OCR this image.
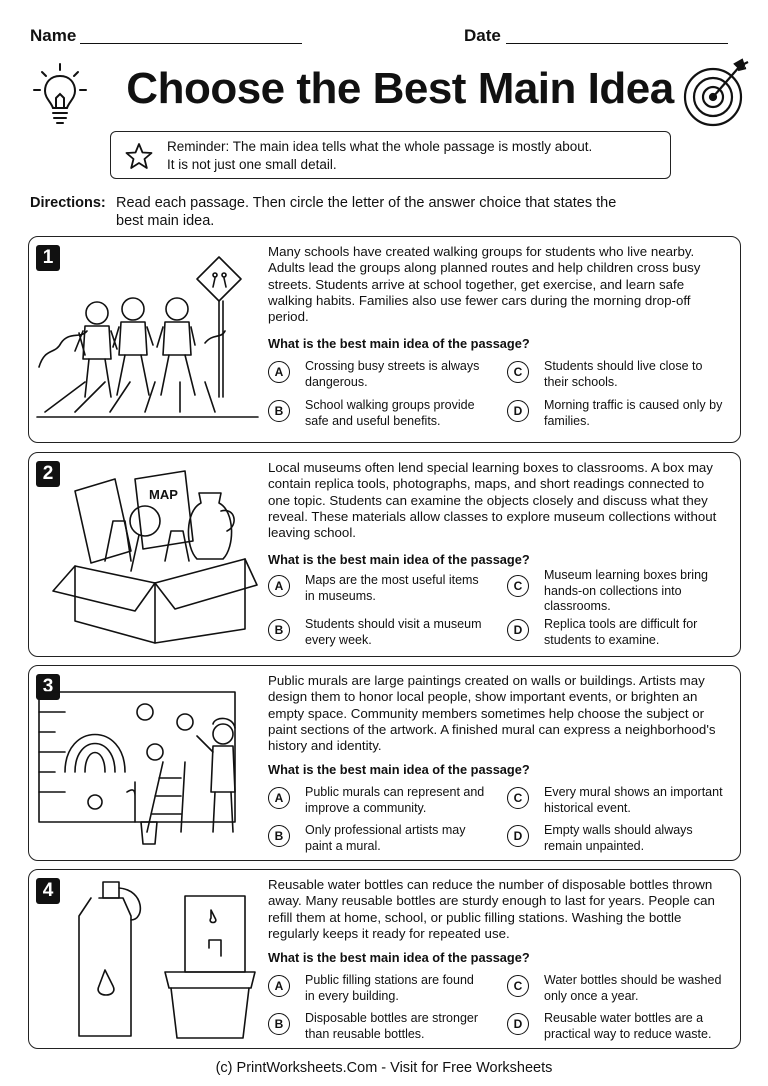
Name	Date
Choose the Best Main Idea
Reminder: The main idea tells what the whole passage is mostly about.
It is not just one small detail.
Directions: Read each passage. Then circle the letter of the answer choice that states the best main idea.
1	Many schools have created walking groups for students who live nearby. Adults lead the groups along planned routes and help children cross busy streets. Students arrive at school together, get exercise, and learn safe walking habits. Families also use fewer cars during the morning drop-off period.
What is the best main idea of the passage?
A	Crossing busy streets is always dangerous.
B	School walking groups provide safe and useful benefits.
C	Students should live close to their schools.
D	Morning traffic is caused only by families.
2
MAP
Local museums often lend special learning boxes to classrooms. A box may contain replica tools, photographs, maps, and short readings connected to one topic. Students can examine the objects closely and discuss what they reveal. These materials allow classes to explore museum collections without leaving school.
What is the best main idea of the passage?
A	Maps are the most useful items in museums.
B	Students should visit a museum every week.
C
Museum learning boxes bring hands-on collections into classrooms.
D	Replica tools are difficult for students to examine.
3	Public murals are large paintings created on walls or buildings. Artists may design them to honor local people, show important events, or brighten an empty space. Community members sometimes help choose the subject or paint sections of the artwork. A finished mural can express a neighborhood's history and identity.
What is the best main idea of the passage?
A	Public murals can represent and improve a community.
B	Only professional artists may paint a mural.
C	Every mural shows an important historical event.
D	Empty walls should always remain unpainted.
4	Reusable water bottles can reduce the number of disposable bottles thrown away. Many reusable bottles are sturdy enough to last for years. People can refill them at home, school, or public filling stations. Washing the bottle regularly keeps it ready for repeated use.
What is the best main idea of the passage?
A	Public filling stations are found in every building.
B	Disposable bottles are stronger than reusable bottles.
C	Water bottles should be washed only once a year.
D	Reusable water bottles are a practical way to reduce waste.
(c) PrintWorksheets.Com - Visit for Free Worksheets
